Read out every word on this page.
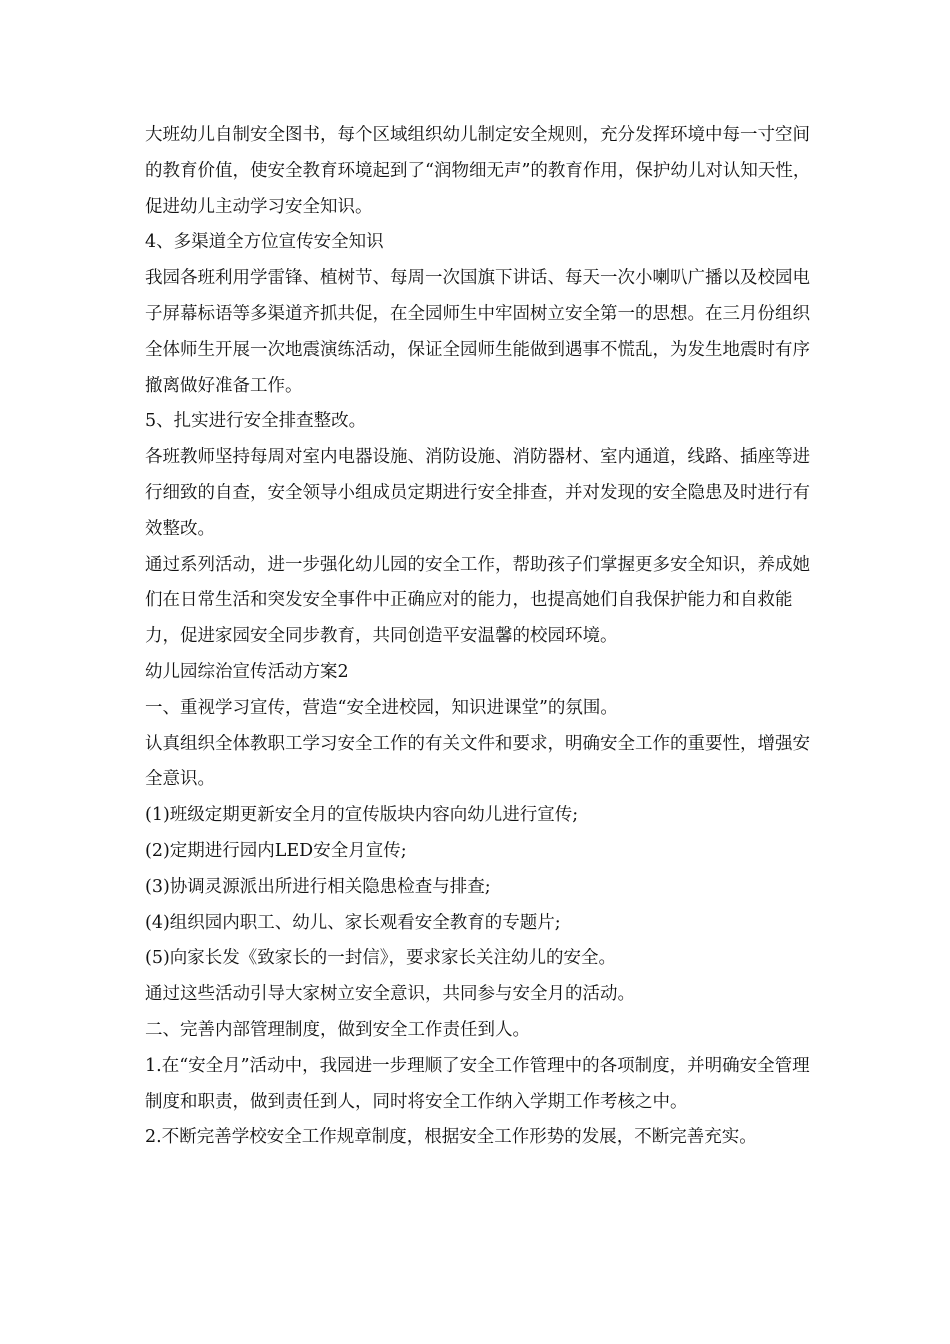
大班幼儿自制安全图书，每个区域组织幼儿制定安全规则，充分发挥环境中每一寸空间的教育价值，使安全教育环境起到了“润物细无声”的教育作用，保护幼儿对认知天性，促进幼儿主动学习安全知识。

4、多渠道全方位宣传安全知识

我园各班利用学雷锋、植树节、每周一次国旗下讲话、每天一次小喇叭广播以及校园电子屏幕标语等多渠道齐抓共促，在全园师生中牢固树立安全第一的思想。在三月份组织全体师生开展一次地震演练活动，保证全园师生能做到遇事不慌乱，为发生地震时有序撤离做好准备工作。

5、扎实进行安全排查整改。

各班教师坚持每周对室内电器设施、消防设施、消防器材、室内通道，线路、插座等进行细致的自查，安全领导小组成员定期进行安全排查，并对发现的安全隐患及时进行有效整改。

通过系列活动，进一步强化幼儿园的安全工作，帮助孩子们掌握更多安全知识，养成她们在日常生活和突发安全事件中正确应对的能力，也提高她们自我保护能力和自救能力，促进家园安全同步教育，共同创造平安温馨的校园环境。

幼儿园综治宣传活动方案2

一、重视学习宣传，营造“安全进校园，知识进课堂”的氛围。

认真组织全体教职工学习安全工作的有关文件和要求，明确安全工作的重要性，增强安全意识。

(1)班级定期更新安全月的宣传版块内容向幼儿进行宣传;

(2)定期进行园内LED安全月宣传;

(3)协调灵源派出所进行相关隐患检查与排查;

(4)组织园内职工、幼儿、家长观看安全教育的专题片;

(5)向家长发《致家长的一封信》，要求家长关注幼儿的安全。

通过这些活动引导大家树立安全意识，共同参与安全月的活动。

二、完善内部管理制度，做到安全工作责任到人。

1.在“安全月”活动中，我园进一步理顺了安全工作管理中的各项制度，并明确安全管理制度和职责，做到责任到人，同时将安全工作纳入学期工作考核之中。

2.不断完善学校安全工作规章制度，根据安全工作形势的发展，不断完善充实。
